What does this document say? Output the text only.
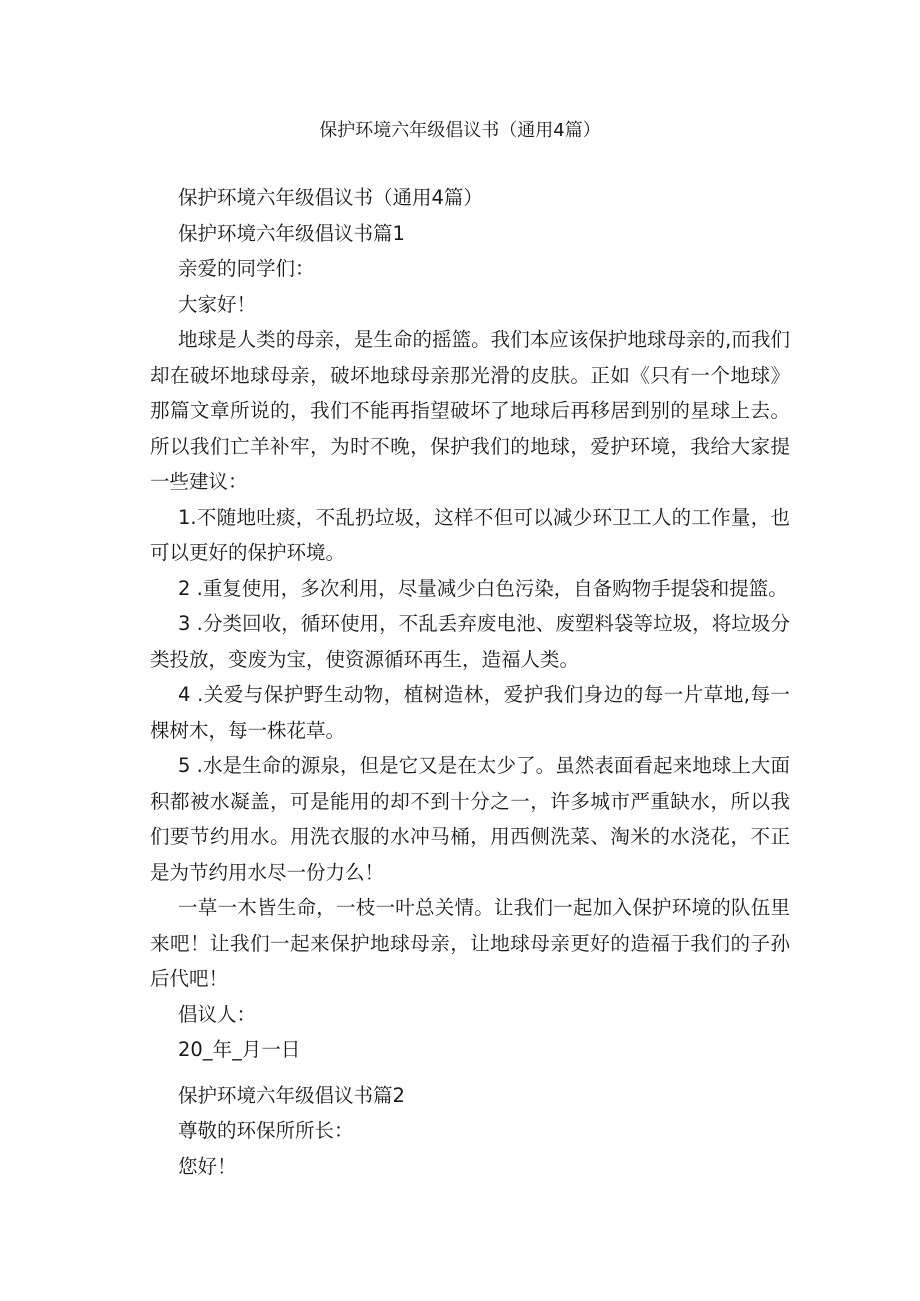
保护环境六年级倡议书（通用4篇）

保护环境六年级倡议书（通用4篇）

保护环境六年级倡议书篇1

亲爱的同学们：

大家好！

地球是人类的母亲，是生命的摇篮。我们本应该保护地球母亲的,而我们却在破坏地球母亲，破坏地球母亲那光滑的皮肤。正如《只有一个地球》那篇文章所说的，我们不能再指望破坏了地球后再移居到别的星球上去。所以我们亡羊补牢，为时不晚，保护我们的地球，爱护环境，我给大家提一些建议：

1.不随地吐痰，不乱扔垃圾，这样不但可以减少环卫工人的工作量，也可以更好的保护环境。

2 .重复使用，多次利用，尽量减少白色污染，自备购物手提袋和提篮。

3 .分类回收，循环使用，不乱丢弃废电池、废塑料袋等垃圾，将垃圾分类投放，变废为宝，使资源循环再生，造福人类。

4 .关爱与保护野生动物，植树造林，爱护我们身边的每一片草地,每一棵树木，每一株花草。

5 .水是生命的源泉，但是它又是在太少了。虽然表面看起来地球上大面积都被水凝盖，可是能用的却不到十分之一，许多城市严重缺水，所以我们要节约用水。用洗衣服的水冲马桶，用西侧洗菜、淘米的水浇花，不正是为节约用水尽一份力么！

一草一木皆生命，一枝一叶总关情。让我们一起加入保护环境的队伍里来吧！让我们一起来保护地球母亲，让地球母亲更好的造福于我们的子孙后代吧！

倡议人：

20_年_月一日

保护环境六年级倡议书篇2

尊敬的环保所所长：

您好！
